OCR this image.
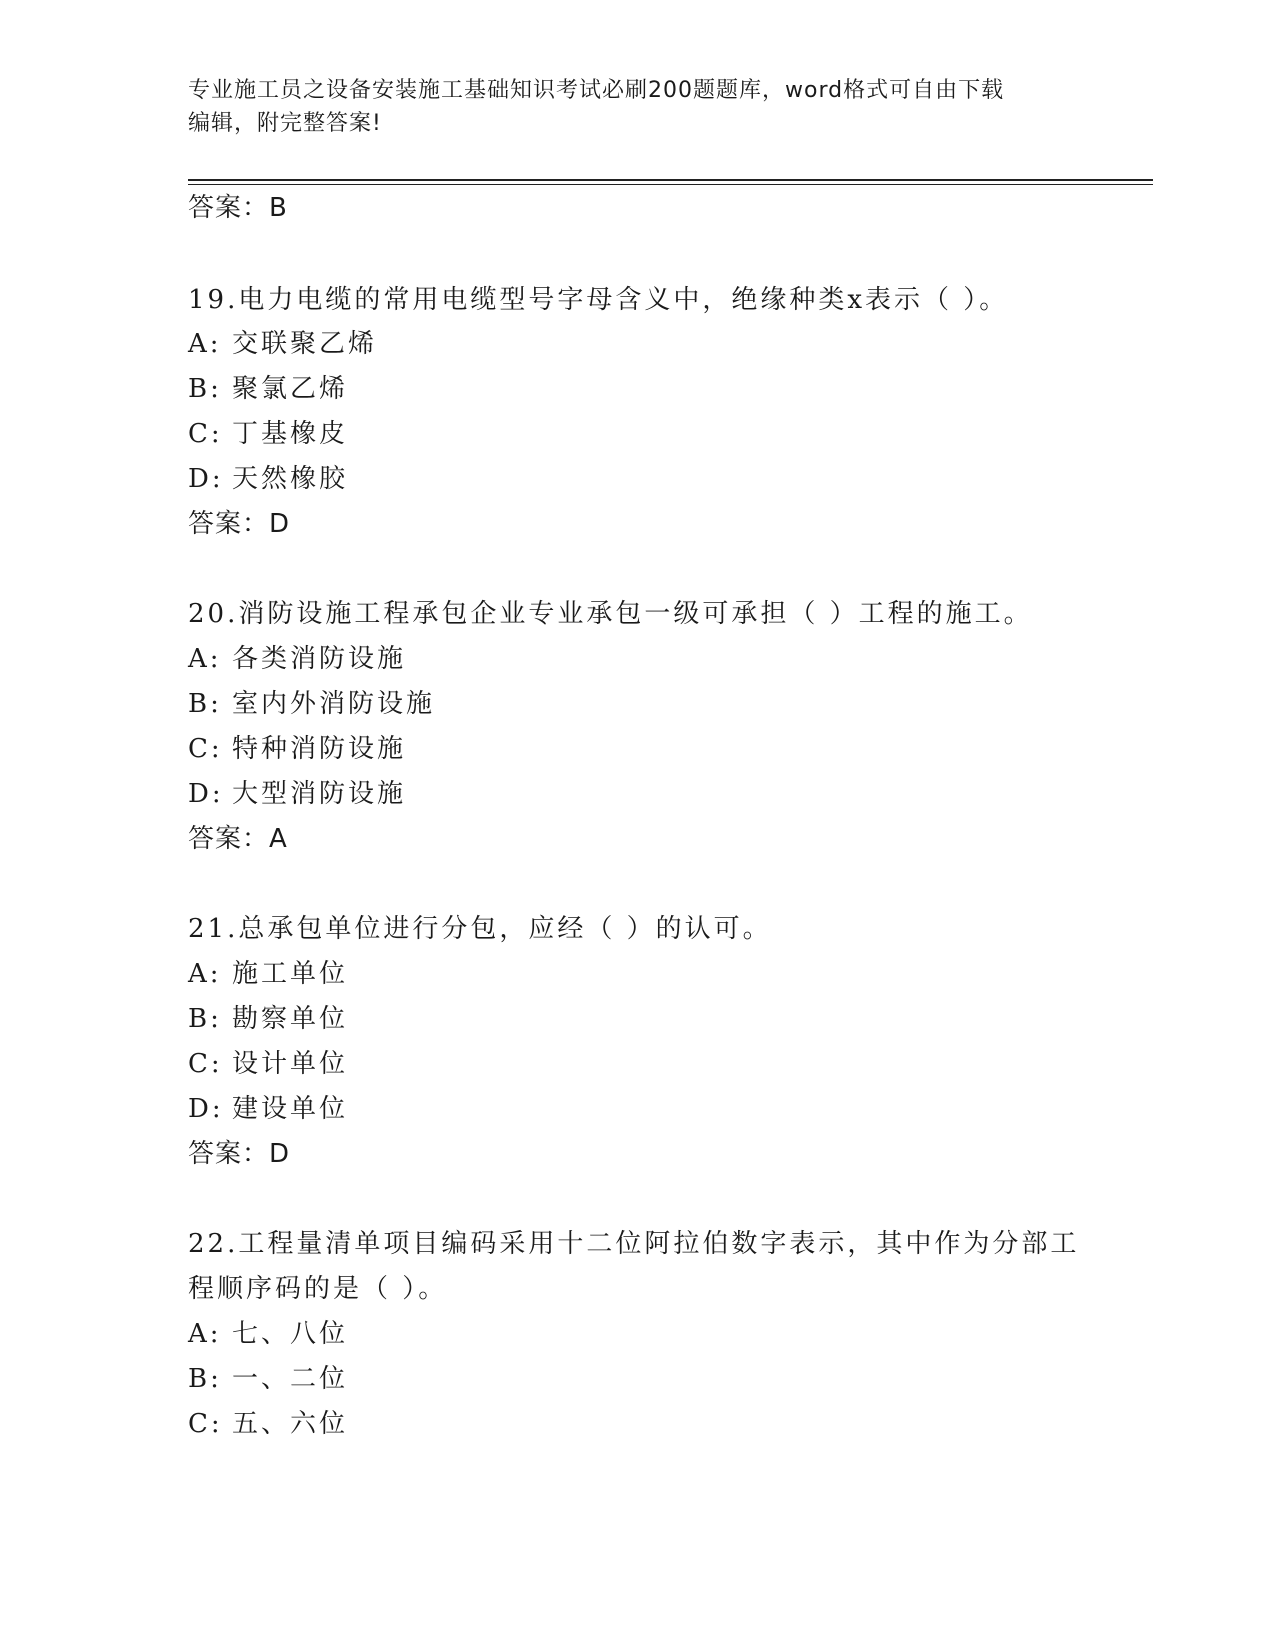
专业施工员之设备安装施工基础知识考试必刷200题题库，word格式可自由下载
编辑，附完整答案!
答案：B
19.电力电缆的常用电缆型号字母含义中，绝缘种类x表示（ ）。
A: 交联聚乙烯
B: 聚氯乙烯
C: 丁基橡皮
D: 天然橡胶
答案：D
20.消防设施工程承包企业专业承包一级可承担（ ）工程的施工。
A: 各类消防设施
B: 室内外消防设施
C: 特种消防设施
D: 大型消防设施
答案：A
21.总承包单位进行分包，应经（ ）的认可。
A: 施工单位
B: 勘察单位
C: 设计单位
D: 建设单位
答案：D
22.工程量清单项目编码采用十二位阿拉伯数字表示，其中作为分部工
程顺序码的是（ ）。
A: 七、八位
B: 一、二位
C: 五、六位
